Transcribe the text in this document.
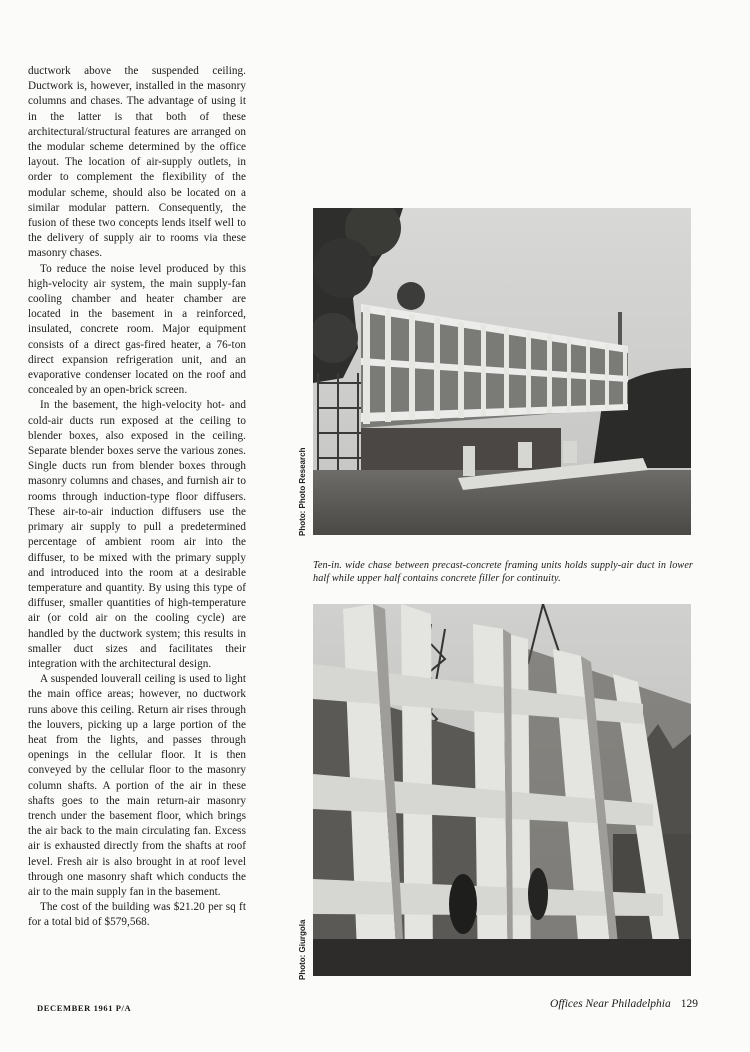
ductwork above the suspended ceiling. Ductwork is, however, installed in the masonry columns and chases. The advantage of using it in the latter is that both of these architectural/structural features are arranged on the modular scheme determined by the office layout. The location of air-supply outlets, in order to complement the flexibility of the modular scheme, should also be located on a similar modular pattern. Consequently, the fusion of these two concepts lends itself well to the delivery of supply air to rooms via these masonry chases.

To reduce the noise level produced by this high-velocity air system, the main supply-fan cooling chamber and heater chamber are located in the basement in a reinforced, insulated, concrete room. Major equipment consists of a direct gas-fired heater, a 76-ton direct expansion refrigeration unit, and an evaporative condenser located on the roof and concealed by an open-brick screen.

In the basement, the high-velocity hot- and cold-air ducts run exposed at the ceiling to blender boxes, also exposed in the ceiling. Separate blender boxes serve the various zones. Single ducts run from blender boxes through masonry columns and chases, and furnish air to rooms through induction-type floor diffusers. These air-to-air induction diffusers use the primary air supply to pull a predetermined percentage of ambient room air into the diffuser, to be mixed with the primary supply and introduced into the room at a desirable temperature and quantity. By using this type of diffuser, smaller quantities of high-temperature air (or cold air on the cooling cycle) are handled by the ductwork system; this results in smaller duct sizes and facilitates their integration with the architectural design.

A suspended louverall ceiling is used to light the main office areas; however, no ductwork runs above this ceiling. Return air rises through the louvers, picking up a large portion of the heat from the lights, and passes through openings in the cellular floor. It is then conveyed by the cellular floor to the masonry column shafts. A portion of the air in these shafts goes to the main return-air masonry trench under the basement floor, which brings the air back to the main circulating fan. Excess air is exhausted directly from the shafts at roof level. Fresh air is also brought in at roof level through one masonry shaft which conducts the air to the main supply fan in the basement.

The cost of the building was $21.20 per sq ft for a total bid of $579,568.

Photo: Photo Research
Ten-in. wide chase between precast-concrete framing units holds supply-air duct in lower half while upper half contains concrete filler for continuity.
Photo: Giurgola
DECEMBER 1961 P/A	Offices Near Philadelphia 129
